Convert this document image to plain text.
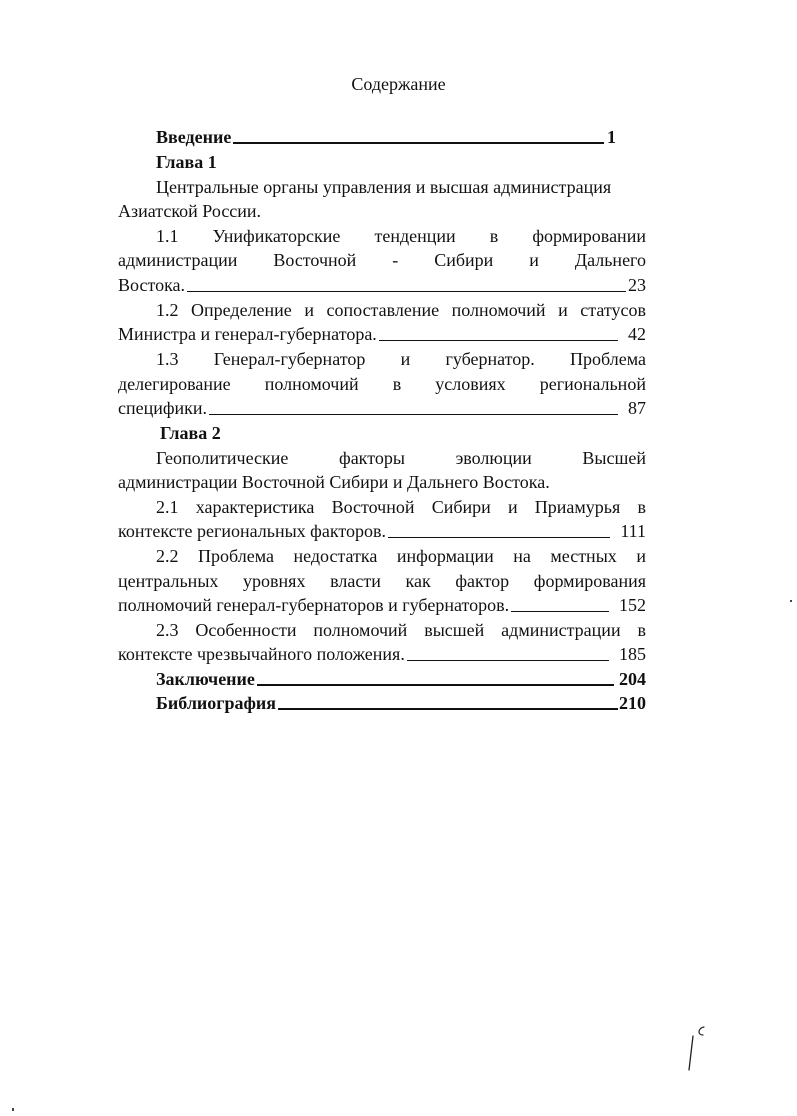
Содержание
Введение	1
Глава 1
Центральные органы управления и высшая администрация
Азиатской России.
1.1 Унификаторские тенденции в формировании
администрации Восточной - Сибири и Дальнего
Востока.	23
1.2 Определение и сопоставление полномочий и статусов
Министра и генерал-губернатора.	42
1.3 Генерал-губернатор и губернатор. Проблема
делегирование полномочий в условиях региональной
специфики.	87
Глава 2
Геополитические	факторы	эволюции	Высшей
администрации Восточной Сибири и Дальнего Востока.
2.1 характеристика Восточной Сибири и Приамурья в
контексте региональных факторов.	111
2.2 Проблема недостатка информации на местных и
центральных уровнях власти как фактор формирования
полномочий генерал-губернаторов и губернаторов.	152
2.3 Особенности полномочий высшей администрации в
контексте чрезвычайного положения.	185
Заключение	204
Библиография	210
